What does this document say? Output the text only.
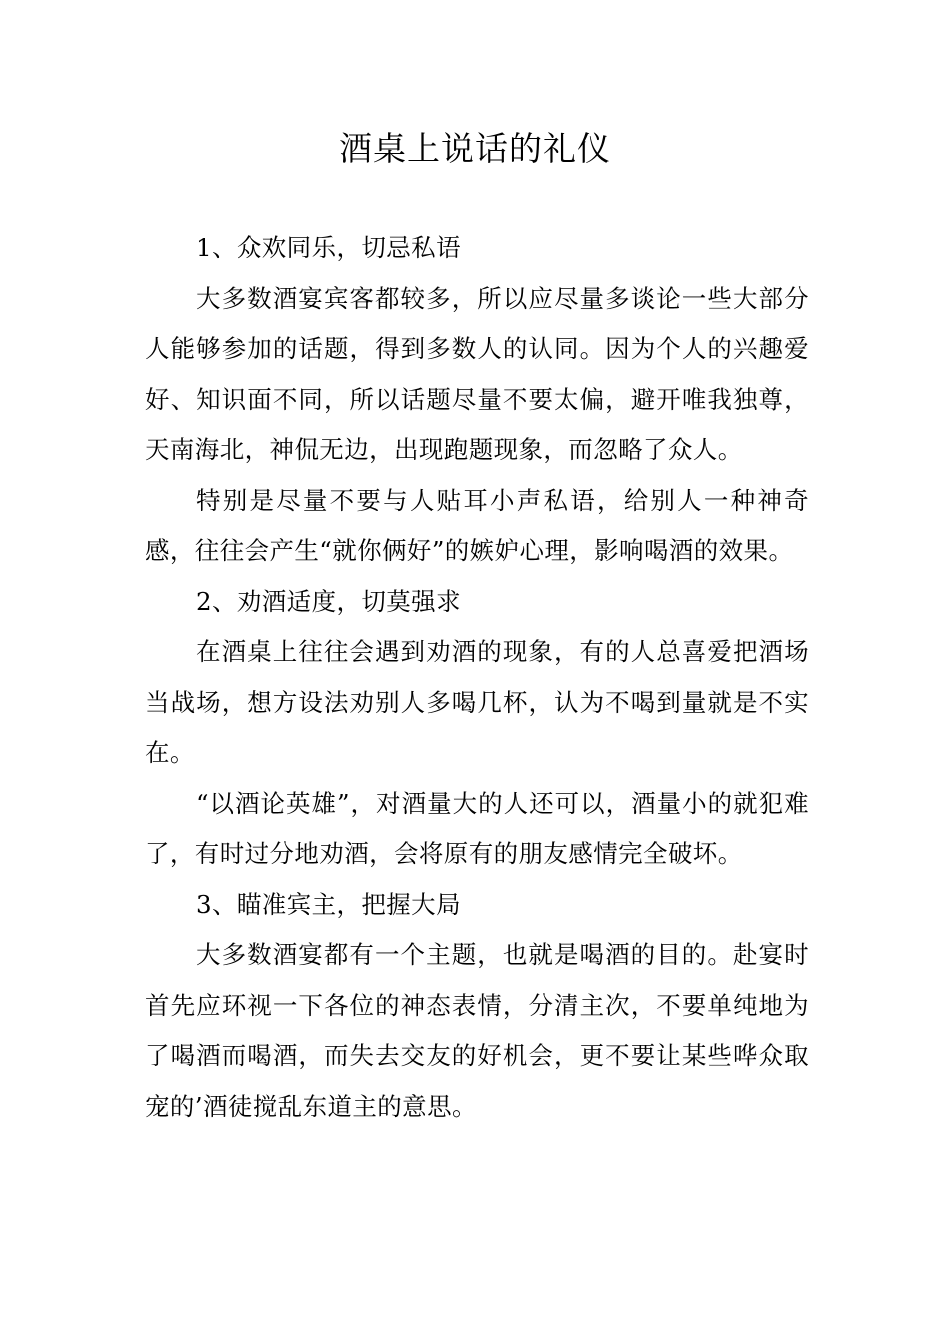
酒桌上说话的礼仪

1、众欢同乐，切忌私语

大多数酒宴宾客都较多，所以应尽量多谈论一些大部分人能够参加的话题，得到多数人的认同。因为个人的兴趣爱好、知识面不同，所以话题尽量不要太偏，避开唯我独尊，天南海北，神侃无边，出现跑题现象，而忽略了众人。

特别是尽量不要与人贴耳小声私语，给别人一种神奇感，往往会产生“就你俩好”的嫉妒心理，影响喝酒的效果。

2、劝酒适度，切莫强求

在酒桌上往往会遇到劝酒的现象，有的人总喜爱把酒场当战场，想方设法劝别人多喝几杯，认为不喝到量就是不实在。

“以酒论英雄”，对酒量大的人还可以，酒量小的就犯难了，有时过分地劝酒，会将原有的朋友感情完全破坏。

3、瞄准宾主，把握大局

大多数酒宴都有一个主题，也就是喝酒的目的。赴宴时首先应环视一下各位的神态表情，分清主次，不要单纯地为了喝酒而喝酒，而失去交友的好机会，更不要让某些哗众取宠的’酒徒搅乱东道主的意思。
